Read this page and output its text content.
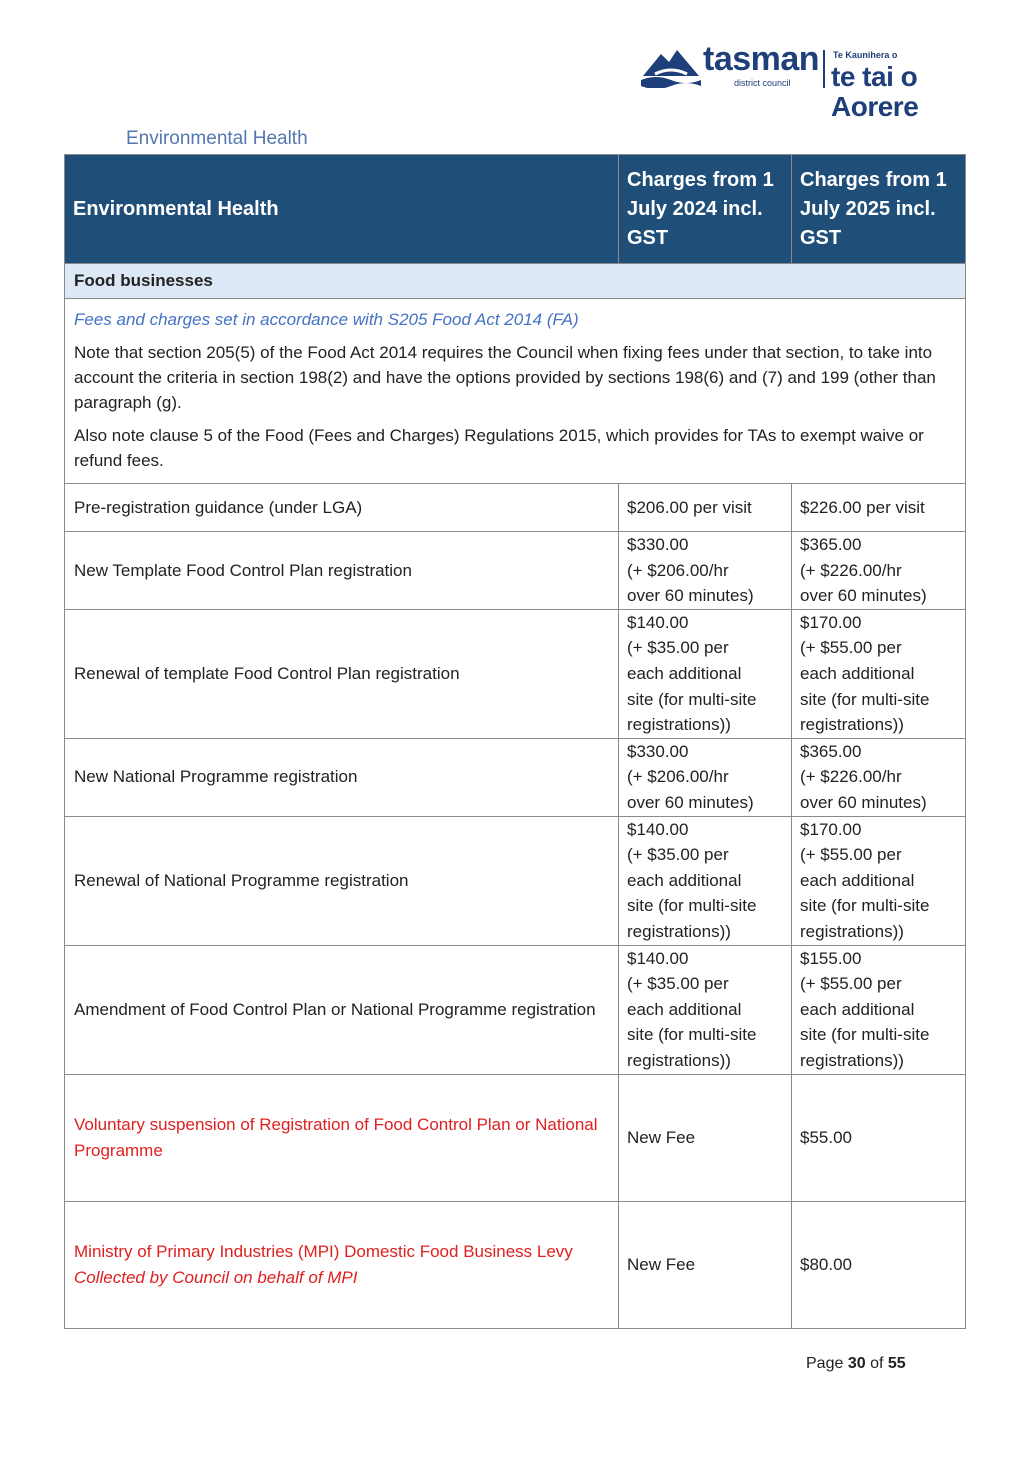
tasman
district council
Te Kaunihera o
te tai o Aorere
Environmental Health
Environmental Health	Charges from 1 July 2024 incl. GST	Charges from 1 July 2025 incl. GST
Food businesses		

Fees and charges set in accordance with S205 Food Act 2014 (FA)

Note that section 205(5) of the Food Act 2014 requires the Council when fixing fees under that section, to take into account the criteria in section 198(2) and have the options provided by sections 198(6) and (7) and 199 (other than paragraph (g).

Also note clause 5 of the Food (Fees and Charges) Regulations 2015, which provides for TAs to exempt waive or refund fees.		

Pre-registration guidance (under LGA)	$206.00 per visit	$226.00 per visit
New Template Food Control Plan registration	$330.00
(+ $206.00/hr
over 60 minutes)	$365.00
(+ $226.00/hr
over 60 minutes)
Renewal of template Food Control Plan registration	$140.00
(+ $35.00 per
each additional
site (for multi-site
registrations))	$170.00
(+ $55.00 per
each additional
site (for multi-site
registrations))
New National Programme registration	$330.00
(+ $206.00/hr
over 60 minutes)	$365.00
(+ $226.00/hr
over 60 minutes)
Renewal of National Programme registration	$140.00
(+ $35.00 per
each additional
site (for multi-site
registrations))	$170.00
(+ $55.00 per
each additional
site (for multi-site
registrations))
Amendment of Food Control Plan or National Programme registration	$140.00
(+ $35.00 per
each additional
site (for multi-site
registrations))	$155.00
(+ $55.00 per
each additional
site (for multi-site
registrations))
Voluntary suspension of Registration of Food Control Plan or National Programme	New Fee	$55.00

Ministry of Primary Industries (MPI) Domestic Food Business Levy
Collected by Council on behalf of MPI	New Fee	$80.00
Page 30 of 55
